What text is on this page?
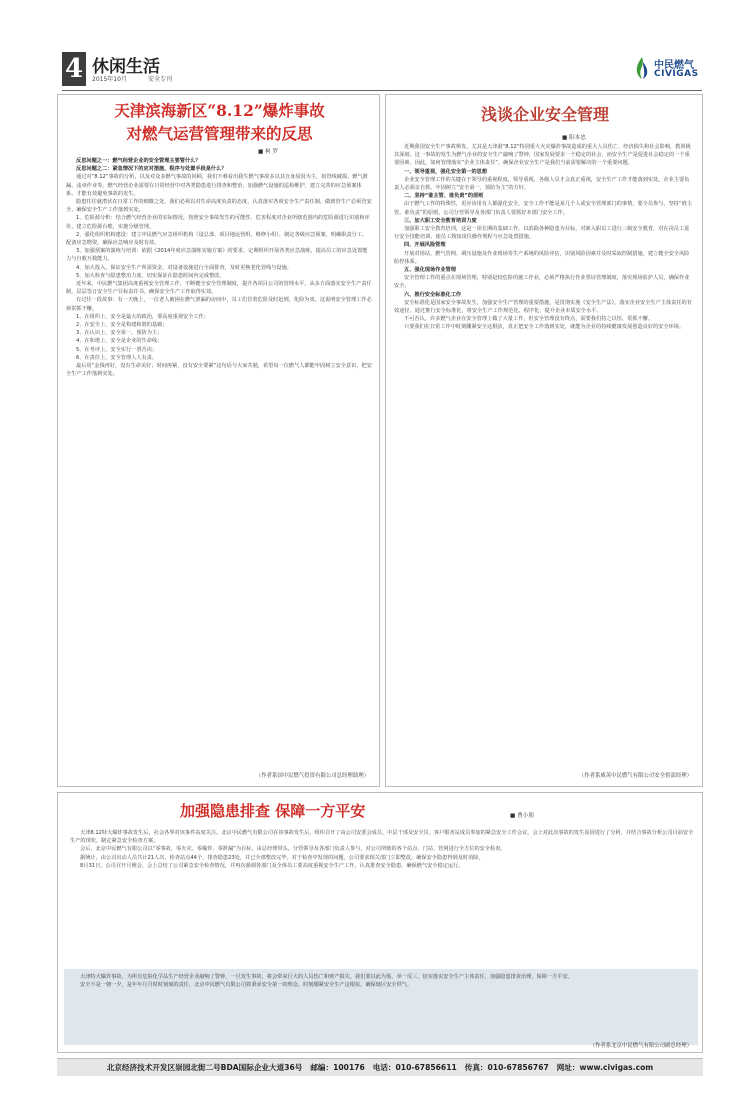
4 休闲生活
2015年10月	安全专刊
中民燃气
CIVIGAS
天津滨海新区“8.12”爆炸事故
对燃气运营管理带来的反思
■ 柯 罗

反思问题之一：燃气经营企业的安全管理主要管什么？

反思问题之二：紧急情况下的应对措施、程序与处置手段是什么？

通过对“8.12”事故的分析，以及对众多燃气事故的回顾，我们不难看出我生燃气事故多以其自身原因为主，如管线破损、燃气泄漏、违章作业等。燃气经营企业需要在日常经营中对各类隐患进行排查和整治，加强燃气设施的巡检维护，建立完善的应急预案体系，才能有效避免事故的发生。

隐患往往就潜伏在日常工作的细微之处，我们必须以对生命高度负责的态度，认真落实各项安全生产责任制，做到管生产必须管安全，确保安全生产工作落到实处。

1、危险源分析：结合燃气经营企业的实际情况，按照安全事故发生的可能性、危害程度对企业所辖范围内的危险源进行识别和评价，建立危险源台账，实施分级管理。

2、强化组织机构建设：建立中民燃气应急组织机构（设总部、项目地运营组、维修小组），制定各级应急预案，明确职责分工，配备应急物资，确保应急响应及时有效。

3、加强预案的演练与培训：依据《2014年度应急演练实施方案》的要求，定期组织开展各类应急演练，提高员工的应急处置能力与自救互救能力。

4、加大投入，保证安全生产所需资金，对设备设施进行全面排查，及时更换老化管线与设施。

5、加大检查与隐患整治力度，切实保证在隐患时间内完成整改。

近年来，中民燃气集团高度重视安全管理工作，不断健全安全管理制度，提升各项目公司的管理水平，从多方面落实安全生产责任制，层层签订安全生产目标责任书，确保安全生产工作取得实效。

有过往一段故事：有一天晚上，一位老人被困在燃气泄漏的房间中，员工们冒着危险及时赶到，化险为夷。这说明安全管理工作必须常抓不懈。

1、在组织上，安全是最大的政治，要高度重视安全工作；

2、在安全上，安全是构建和谐的基础；

3、在认识上，安全第一，预防为主；

4、在和谐上，安全是企业的生命线；

5、在考评上，安全实行一票否决；

6、在责任上，安全管理人人有责。

最后用“金钱再好，没有生命美好；时间再紧，没有安全要紧”这句话与大家共勉，希望每一位燃气人都能牢固树立安全意识，把安全生产工作落到实处。

（作者系国中民燃气投资有限公司总经理助理）
浅谈企业安全管理
■ 阳本忠

近期我国安全生产事故频发，尤其是天津港“8.12”特别重大火灾爆炸事故造成的重大人员伤亡、经济损失和社会影响，教训极其深刻。这一事故的发生为燃气企业的安全生产敲响了警钟，国家发展要求一个稳定的社会，而安全生产是促进社会稳定的一个重要因素。因此，如何管理落实“企业主体责任”，确保企业安全生产是我们当前需要解决的一个重要问题。

一、领导重视，强化安全第一的思想

企业安全管理工作的关键在于领导的重视程度，领导重视，各级人员才会真正重视，安全生产工作才能落到实处。企业主要负责人必须亲自抓，牢固树立“安全第一，预防为主”的方针。

二、坚持“谁主管、谁负责”的原则

由于燃气工作的特殊性，更应该用有人都强化安全，安全工作不能是某几个人或安全管理部门的事情，要全员参与，坚持“谁主管、谁负责”的原则，公司分管领导及各部门负责人要抓好本部门安全工作。

三、加大职工安全教育培训力度

加强职工安全教育培训，这是一项长期的基础工作，以消除各种隐患为目标，对新入职员工进行三级安全教育，对在岗员工进行安全技能培训，使员工熟知岗位操作规程与应急处置措施。

四、开展风险管理

开展对场站、燃气管网、调压设施及作业现场等生产系统的风险评估，识别风险因素并及时采取控制措施，建立健全安全风险防控体系。

五、强化现场作业管理

安全管理工作的重点在现场管理，特别是较危险的施工作业，必须严格执行作业票证管理制度，落实现场监护人员，确保作业安全。

六、推行安全标准化工作

安全标准化是国家安全事故发生，加强安全生产管理的重要措施，是贯彻实施《安全生产法》，落实企业安全生产主体责任的有效途径。通过推行安全标准化，将安全生产工作规范化、程序化，提升企业本质安全水平。

不可否认，许多燃气企业在安全管理上做了大量工作，但安全管理没有终点，需要我们持之以恒、常抓不懈。

只要我们在日常工作中时刻绷紧安全这根弦，真正把安全工作落到实处，就能为企业的持续健康发展创造良好的安全环境。

（作者系威英中民燃气有限公司安全督部经理）
加强隐患排查 保障一方平安	■ 曹小朋

天津8.12特大爆炸事故发生后，社会各界对该事件高度关注。北京中民燃气有限公司在该事故发生后，组织召开了由公司安委会成员、中层干部及安全员、客户服务站成员参加的紧急安全工作会议，会上对此次事故的发生原因进行了分析，并结合事故分析公司目前安全生产的现状，制定紧急安全检查方案。

会后，北京中民燃气有限公司以“零事故、零火灾、零爆炸、零泄漏”为目标，由总经理带头，分管领导及各部门负责人参与，对公司所辖的各个站点、门站、管网进行全方位的安全检查。

据统计，由公司出动人员共计21人次，检查站点44个，排查隐患23处，并已全部整改完毕。对于检查中发现的问题，公司要求相关部门立即整改，确保安全隐患得到及时消除。

8月31日，公司召开月例会，会上总结了公司紧急安全检查情况，并再次强调各部门及全体员工要高度重视安全生产工作，认真排查安全隐患，确保燃气安全稳定运行。

天津特大爆炸事故，为所有危险化学品生产经营企业敲响了警钟，一旦发生事故，将会带来巨大的人员伤亡和财产损失。我们要以此为鉴，举一反三，切实落实安全生产主体责任，加强隐患排查治理，保障一方平安。

安全不是一朝一夕，是年年月月时时刻刻的责任，北京中民燃气有限公司将秉承安全第一的理念，时刻绷紧安全生产这根弦，确保辖区安全供气。

（作者系北京中民燃气有限公司副总经理）
北京经济技术开发区崇园北街二号BDA国际企业大道36号 邮编：100176 电话：010-67856611 传真：010-67856767 网址：www.civigas.com
